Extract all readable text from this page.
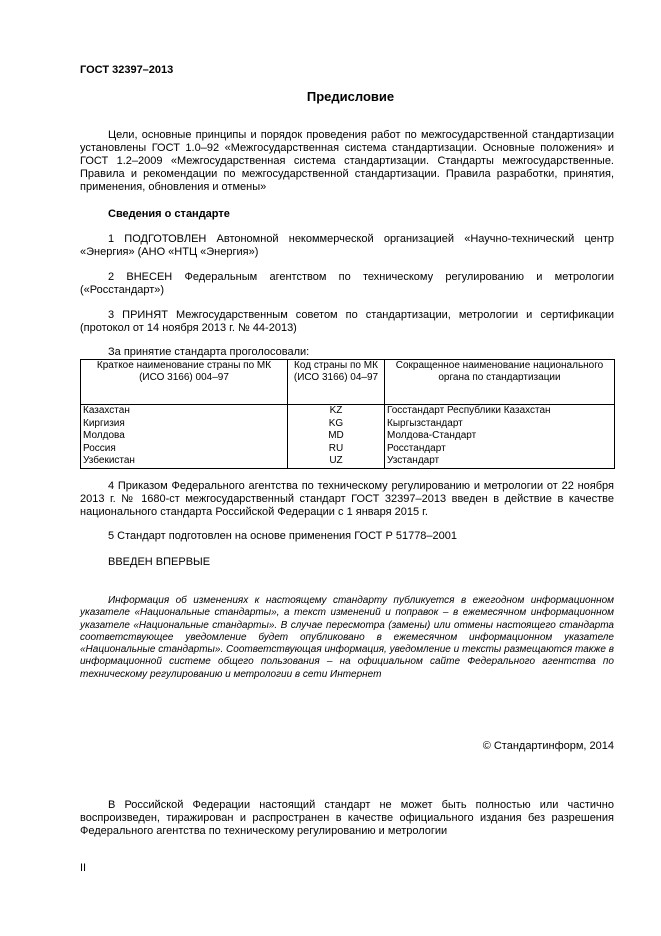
ГОСТ 32397–2013
Предисловие

Цели, основные принципы и порядок проведения работ по межгосударственной стандартизации установлены ГОСТ 1.0–92 «Межгосударственная система стандартизации. Основные положения» и ГОСТ 1.2–2009 «Межгосударственная система стандартизации. Стандарты межгосударственные. Правила и рекомендации по межгосударственной стандартизации. Правила разработки, принятия, применения, обновления и отмены»

Сведения о стандарте

1 ПОДГОТОВЛЕН Автономной некоммерческой организацией «Научно-технический центр «Энергия» (АНО «НТЦ «Энергия»)

2 ВНЕСЕН Федеральным агентством по техническому регулированию и метрологии («Росстандарт»)

3 ПРИНЯТ Межгосударственным советом по стандартизации, метрологии и сертификации (протокол от 14 ноября 2013 г. № 44-2013)

За принятие стандарта проголосовали:

Краткое наименование страны по МК (ИСО 3166) 004–97	Код страны по МК (ИСО 3166) 04–97	Сокращенное наименование национального органа по стандартизации
Казахстан	KZ	Госстандарт Республики Казахстан
Киргизия	KG	Кыргызстандарт
Молдова	MD	Молдова-Стандарт
Россия	RU	Росстандарт
Узбекистан	UZ	Узстандарт

4 Приказом Федерального агентства по техническому регулированию и метрологии от 22 ноября 2013 г. № 1680-ст межгосударственный стандарт ГОСТ 32397–2013 введен в действие в качестве национального стандарта Российской Федерации с 1 января 2015 г.

5 Стандарт подготовлен на основе применения ГОСТ Р 51778–2001

ВВЕДЕН ВПЕРВЫЕ

Информация об изменениях к настоящему стандарту публикуется в ежегодном информационном указателе «Национальные стандарты», а текст изменений и поправок – в ежемесячном информационном указателе «Национальные стандарты». В случае пересмотра (замены) или отмены настоящего стандарта соответствующее уведомление будет опубликовано в ежемесячном информационном указателе «Национальные стандарты». Соответствующая информация, уведомление и тексты размещаются также в информационной системе общего пользования – на официальном сайте Федерального агентства по техническому регулированию и метрологии в сети Интернет

© Стандартинформ, 2014

В Российской Федерации настоящий стандарт не может быть полностью или частично воспроизведен, тиражирован и распространен в качестве официального издания без разрешения Федерального агентства по техническому регулированию и метрологии

II
